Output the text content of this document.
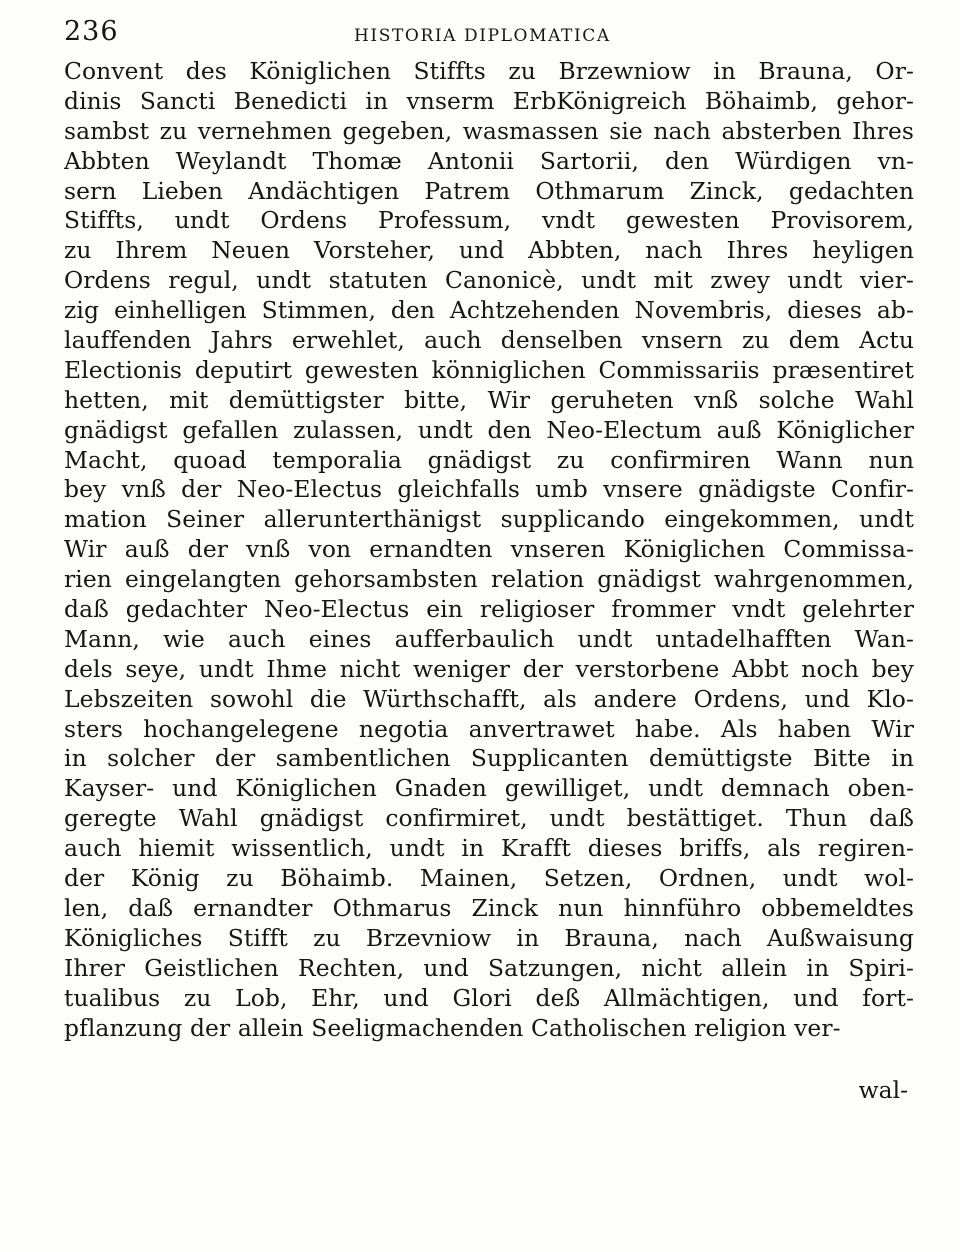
236	HISTORIA DIPLOMATICA
Convent des Königlichen Stiffts zu Brzewniow in Brauna, Or-
dinis Sancti Benedicti in vnserm ErbKönigreich Böhaimb, gehor-
sambst zu vernehmen gegeben, wasmassen sie nach absterben Ihres
Abbten Weylandt Thomæ Antonii Sartorii, den Würdigen vn-
sern Lieben Andächtigen Patrem Othmarum Zinck, gedachten
Stiffts, undt Ordens Professum, vndt gewesten Provisorem,
zu Ihrem Neuen Vorsteher, und Abbten, nach Ihres heyligen
Ordens regul, undt statuten Canonicè, undt mit zwey undt vier-
zig einhelligen Stimmen, den Achtzehenden Novembris, dieses ab-
lauffenden Jahrs erwehlet, auch denselben vnsern zu dem Actu
Electionis deputirt gewesten könniglichen Commissariis præsentiret
hetten, mit demüttigster bitte, Wir geruheten vnß solche Wahl
gnädigst gefallen zulassen, undt den Neo-Electum auß Königlicher
Macht, quoad temporalia gnädigst zu confirmiren Wann nun
bey vnß der Neo-Electus gleichfalls umb vnsere gnädigste Confir-
mation Seiner allerunterthänigst supplicando eingekommen, undt
Wir auß der vnß von ernandten vnseren Königlichen Commissa-
rien eingelangten gehorsambsten relation gnädigst wahrgenommen,
daß gedachter Neo-Electus ein religioser frommer vndt gelehrter
Mann, wie auch eines aufferbaulich undt untadelhafften Wan-
dels seye, undt Ihme nicht weniger der verstorbene Abbt noch bey
Lebszeiten sowohl die Würthschafft, als andere Ordens, und Klo-
sters hochangelegene negotia anvertrawet habe. Als haben Wir
in solcher der sambentlichen Supplicanten demüttigste Bitte in
Kayser- und Königlichen Gnaden gewilliget, undt demnach oben-
geregte Wahl gnädigst confirmiret, undt bestättiget. Thun daß
auch hiemit wissentlich, undt in Krafft dieses briffs, als regiren-
der König zu Böhaimb. Mainen, Setzen, Ordnen, undt wol-
len, daß ernandter Othmarus Zinck nun hinnführo obbemeldtes
Königliches Stifft zu Brzevniow in Brauna, nach Außwaisung
Ihrer Geistlichen Rechten, und Satzungen, nicht allein in Spiri-
tualibus zu Lob, Ehr, und Glori deß Allmächtigen, und fort-
pflanzung der allein Seeligmachenden Catholischen religion ver-
wal-
